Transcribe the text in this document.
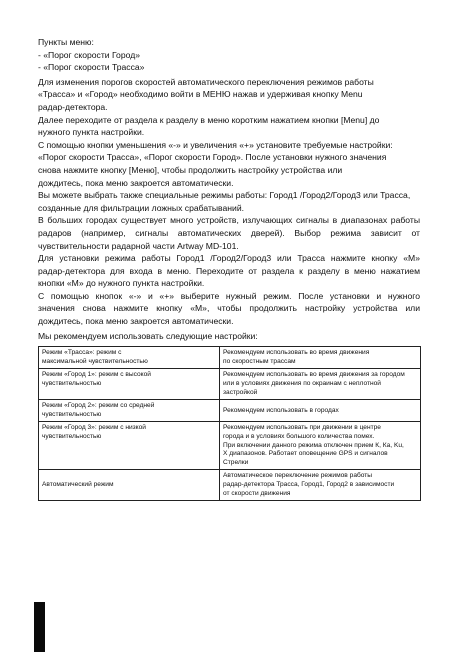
Пункты меню:

- «Порог скорости Город»

- «Порог скорости Трасса»

Для изменения порогов скоростей автоматического переключения режимов работы

«Трасса» и «Город» необходимо войти в МЕНЮ нажав и удерживая кнопку Menu

радар-детектора.

Далее переходите от раздела к разделу в меню коротким нажатием кнопки [Menu] до

нужного пункта настройки.

С помощью кнопки уменьшения «-» и увеличения «+» установите требуемые настройки:

«Порог скорости Трасса», «Порог скорости Город». После установки нужного значения

снова нажмите кнопку [Меню], чтобы продолжить настройку устройства или

дождитесь, пока меню закроется автоматически.

Вы можете выбрать также специальные режимы работы: Город1 /Город2/Город3 или Трасса,

созданные для фильтрации ложных срабатываний.

В больших городах существует много устройств, излучающих сигналы в диапазонах работы

радаров (например, сигналы автоматических дверей). Выбор режима зависит от

чувствительности радарной части Artway MD-101.

Для установки режима работы Город1 /Город2/Город3 или Трасса нажмите кнопку «М»

радар-детектора для входа в меню. Переходите от раздела к разделу в меню нажатием

кнопки «М» до нужного пункта настройки.

С помощью кнопок «-» и «+» выберите нужный режим. После установки и нужного

значения снова нажмите кнопку «М», чтобы продолжить настройку устройства или

дождитесь, пока меню закроется автоматически.

Мы рекомендуем использовать следующие настройки:

Режим «Трасса»: режим с
максимальной чувствительностью	Рекомендуем использовать во время движения
по скоростным трассам

Режим «Город 1»: режим с высокой
чувствительностью	Рекомендуем использовать во время движения за городом
или в условиях движения по окраинам с неплотной
застройкой

Режим «Город 2»: режим со средней
чувствительностью	Рекомендуем использовать в городах

Режим «Город 3»: режим с низкой
чувствительностью	Рекомендуем использовать при движении в центре
города и в условиях большого количества помех.
При включении данного режима отключен прием К, Ка, Ku,
Х диапазонов. Работает оповещение GPS и сигналов
Стрелки

Автоматический режим	Автоматическое переключение режимов работы
радар-детектора Трасса, Город1, Город2 в зависимости
от скорости движения
